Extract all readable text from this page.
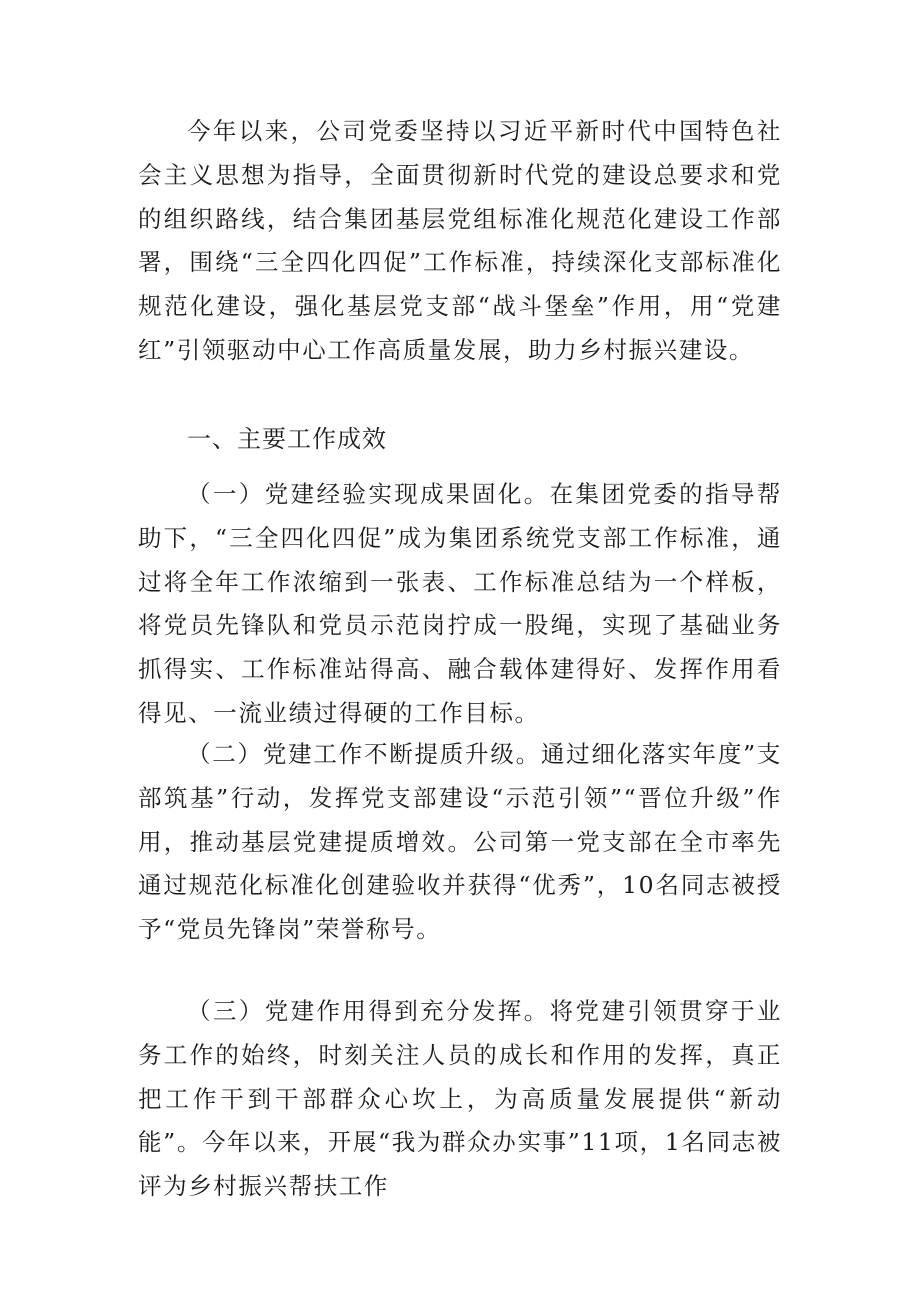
今年以来，公司党委坚持以习近平新时代中国特色社会主义思想为指导，全面贯彻新时代党的建设总要求和党的组织路线，结合集团基层党组标准化规范化建设工作部署，围绕“三全四化四促”工作标准，持续深化支部标准化规范化建设，强化基层党支部“战斗堡垒”作用，用“党建红”引领驱动中心工作高质量发展，助力乡村振兴建设。

一、主要工作成效

（一）党建经验实现成果固化。在集团党委的指导帮助下，“三全四化四促”成为集团系统党支部工作标准，通过将全年工作浓缩到一张表、工作标准总结为一个样板，将党员先锋队和党员示范岗拧成一股绳，实现了基础业务抓得实、工作标准站得高、融合载体建得好、发挥作用看得见、一流业绩过得硬的工作目标。

（二）党建工作不断提质升级。通过细化落实年度”支部筑基”行动，发挥党支部建设“示范引领”“晋位升级”作用，推动基层党建提质增效。公司第一党支部在全市率先通过规范化标准化创建验收并获得“优秀”，10名同志被授予“党员先锋岗”荣誉称号。

（三）党建作用得到充分发挥。将党建引领贯穿于业务工作的始终，时刻关注人员的成长和作用的发挥，真正把工作干到干部群众心坎上，为高质量发展提供“新动能”。今年以来，开展“我为群众办实事”11项，1名同志被评为乡村振兴帮扶工作
